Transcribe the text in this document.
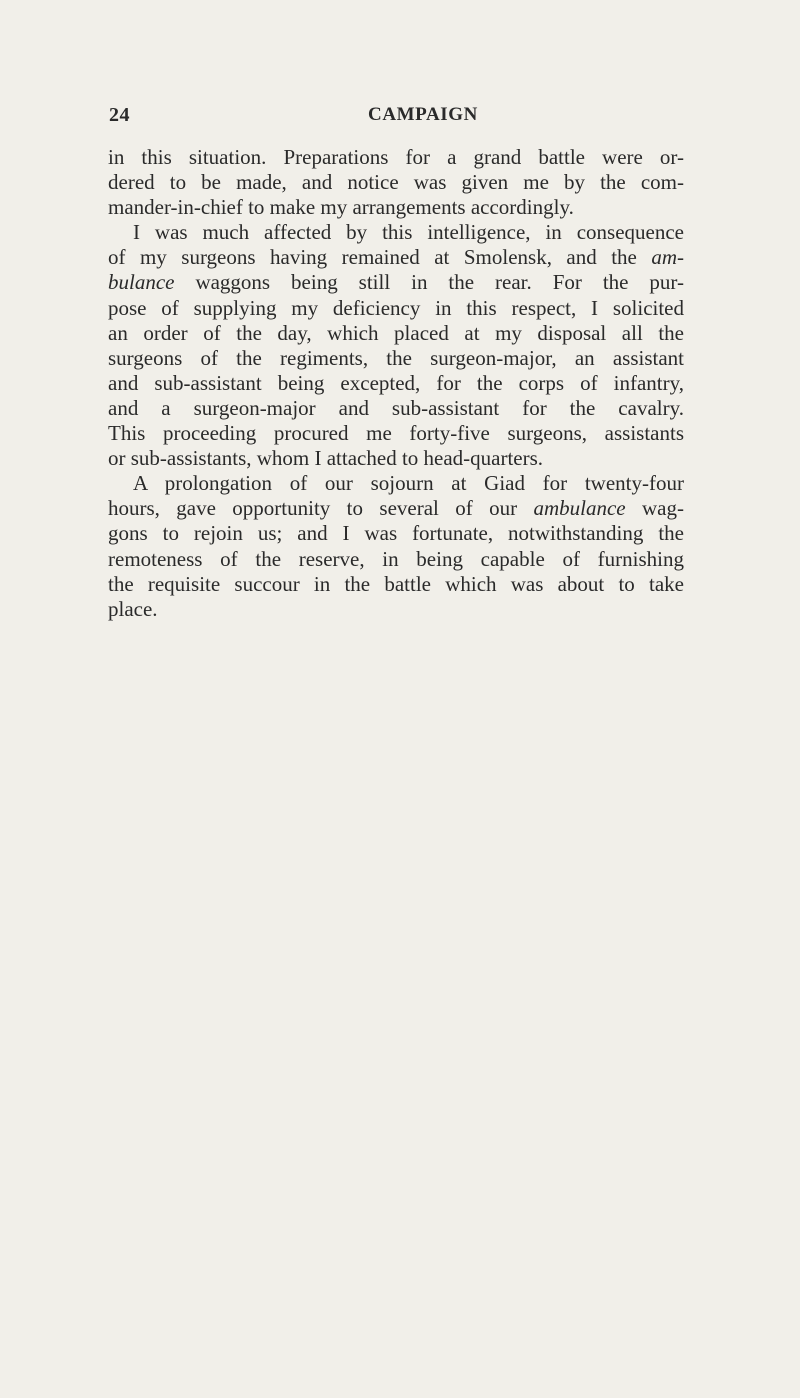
24	CAMPAIGN
in this situation. Preparations for a grand battle were or-
dered to be made, and notice was given me by the com-
mander-in-chief to make my arrangements accordingly.
I was much affected by this intelligence, in consequence
of my surgeons having remained at Smolensk, and the am-
bulance waggons being still in the rear. For the pur-
pose of supplying my deficiency in this respect, I solicited
an order of the day, which placed at my disposal all the
surgeons of the regiments, the surgeon-major, an assistant
and sub-assistant being excepted, for the corps of infantry,
and a surgeon-major and sub-assistant for the cavalry.
This proceeding procured me forty-five surgeons, assistants
or sub-assistants, whom I attached to head-quarters.
A prolongation of our sojourn at Giad for twenty-four
hours, gave opportunity to several of our ambulance wag-
gons to rejoin us; and I was fortunate, notwithstanding the
remoteness of the reserve, in being capable of furnishing
the requisite succour in the battle which was about to take
place.
